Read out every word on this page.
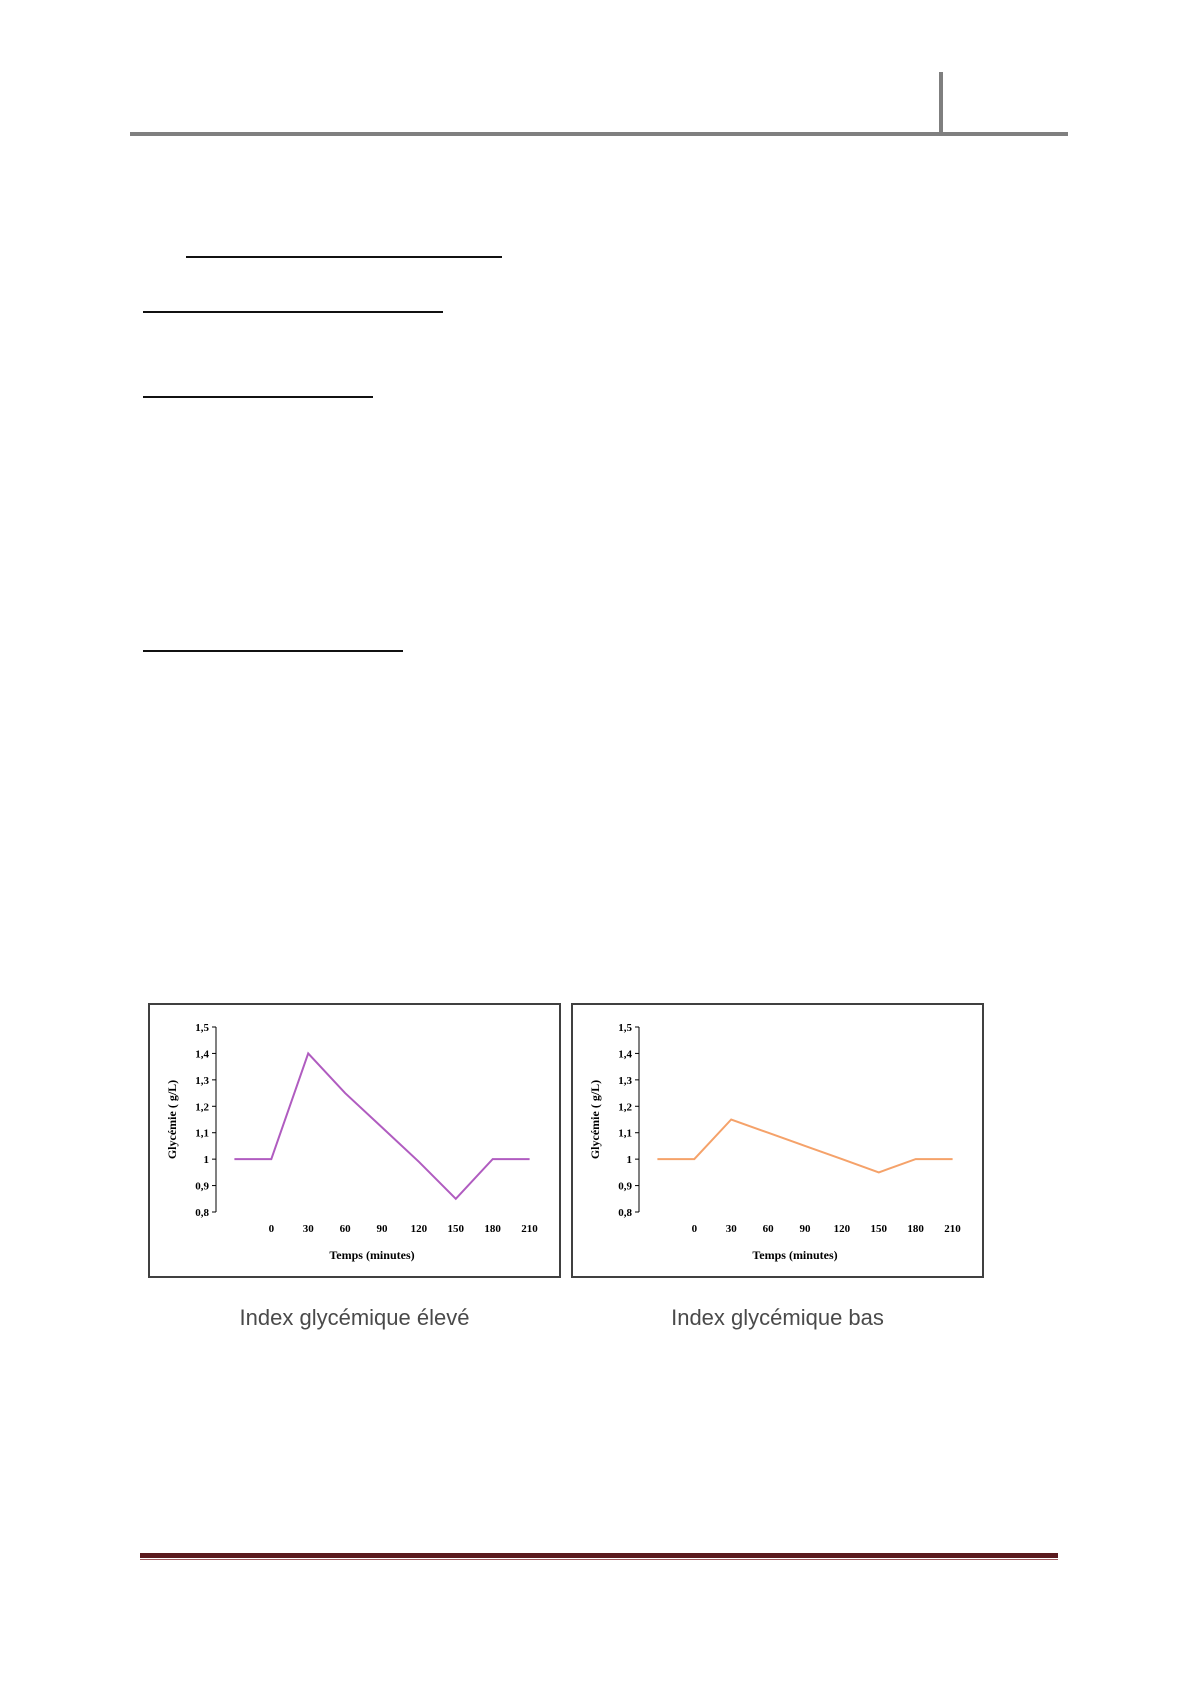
1,5
1,4
1,3
1,2
1,1
1
0,9
0,8
0	30 60 90 120 150 180 210
Temps (minutes)
Glycémie ( g/L)
Index glycémique élevé
1,5
1,4
1,3
1,2
1,1
1
0,9
0,8
0	30 60 90 120 150 180 210
Temps (minutes)
Glycémie ( g/L)
Index glycémique bas
